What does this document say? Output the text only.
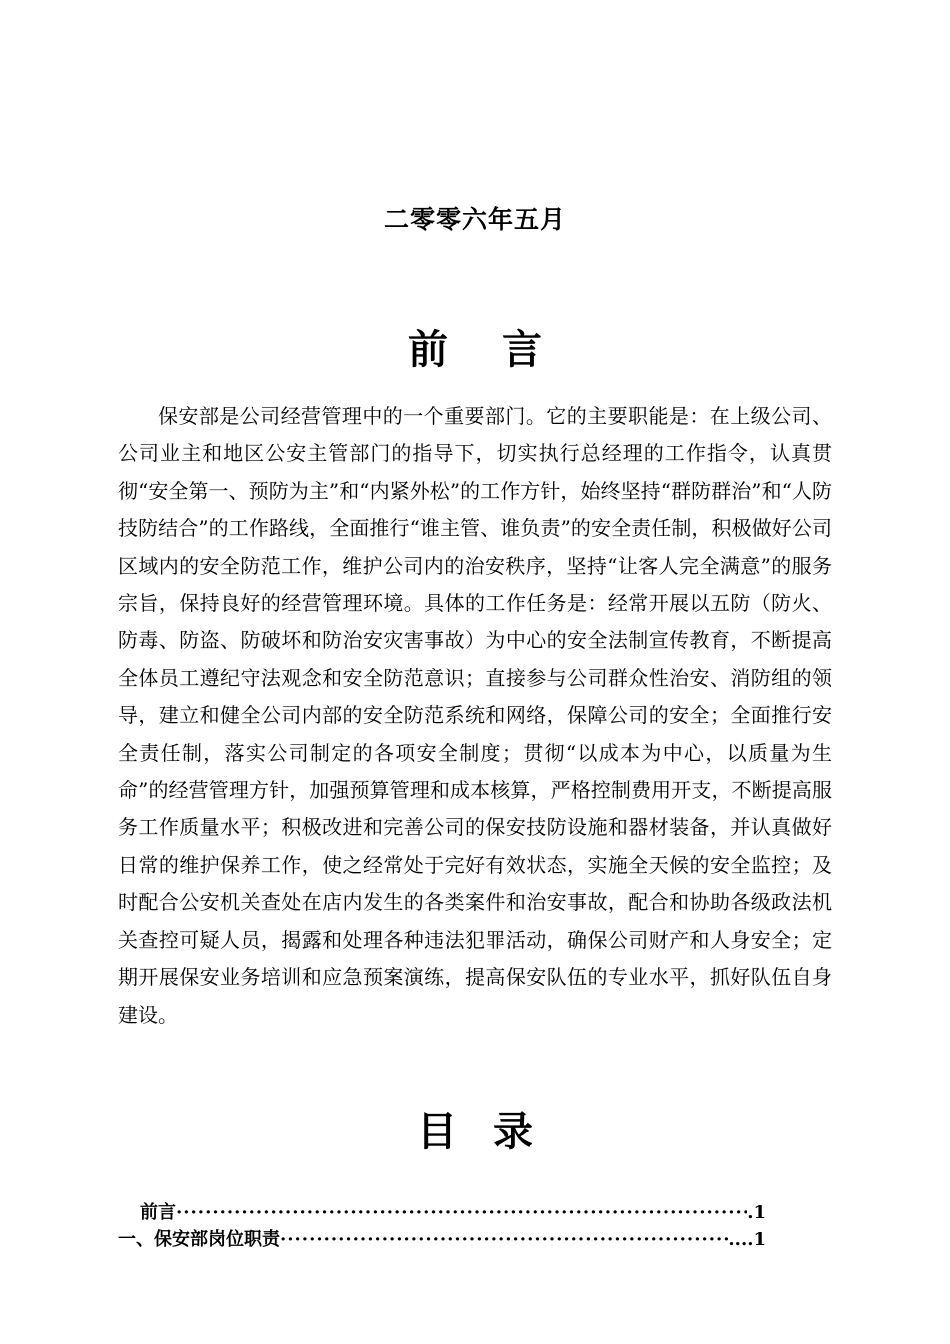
二零零六年五月
前 言

保安部是公司经营管理中的一个重要部门。它的主要职能是：在上级公司、公司业主和地区公安主管部门的指导下，切实执行总经理的工作指令，认真贯彻“安全第一、预防为主”和“内紧外松”的工作方针，始终坚持“群防群治”和“人防技防结合”的工作路线，全面推行“谁主管、谁负责”的安全责任制，积极做好公司区域内的安全防范工作，维护公司内的治安秩序，坚持“让客人完全满意”的服务宗旨，保持良好的经营管理环境。具体的工作任务是：经常开展以五防（防火、防毒、防盗、防破坏和防治安灾害事故）为中心的安全法制宣传教育，不断提高全体员工遵纪守法观念和安全防范意识；直接参与公司群众性治安、消防组的领导，建立和健全公司内部的安全防范系统和网络，保障公司的安全；全面推行安全责任制，落实公司制定的各项安全制度；贯彻“以成本为中心，以质量为生命”的经营管理方针，加强预算管理和成本核算，严格控制费用开支，不断提高服务工作质量水平；积极改进和完善公司的保安技防设施和器材装备，并认真做好日常的维护保养工作，使之经常处于完好有效状态，实施全天候的安全监控；及时配合公安机关查处在店内发生的各类案件和治安事故，配合和协助各级政法机关查控可疑人员，揭露和处理各种违法犯罪活动，确保公司财产和人身安全；定期开展保安业务培训和应急预案演练，提高保安队伍的专业水平，抓好队伍自身建设。

目 录
前言 ·····	.1
一、 保安部岗位职责 ·····	....1
